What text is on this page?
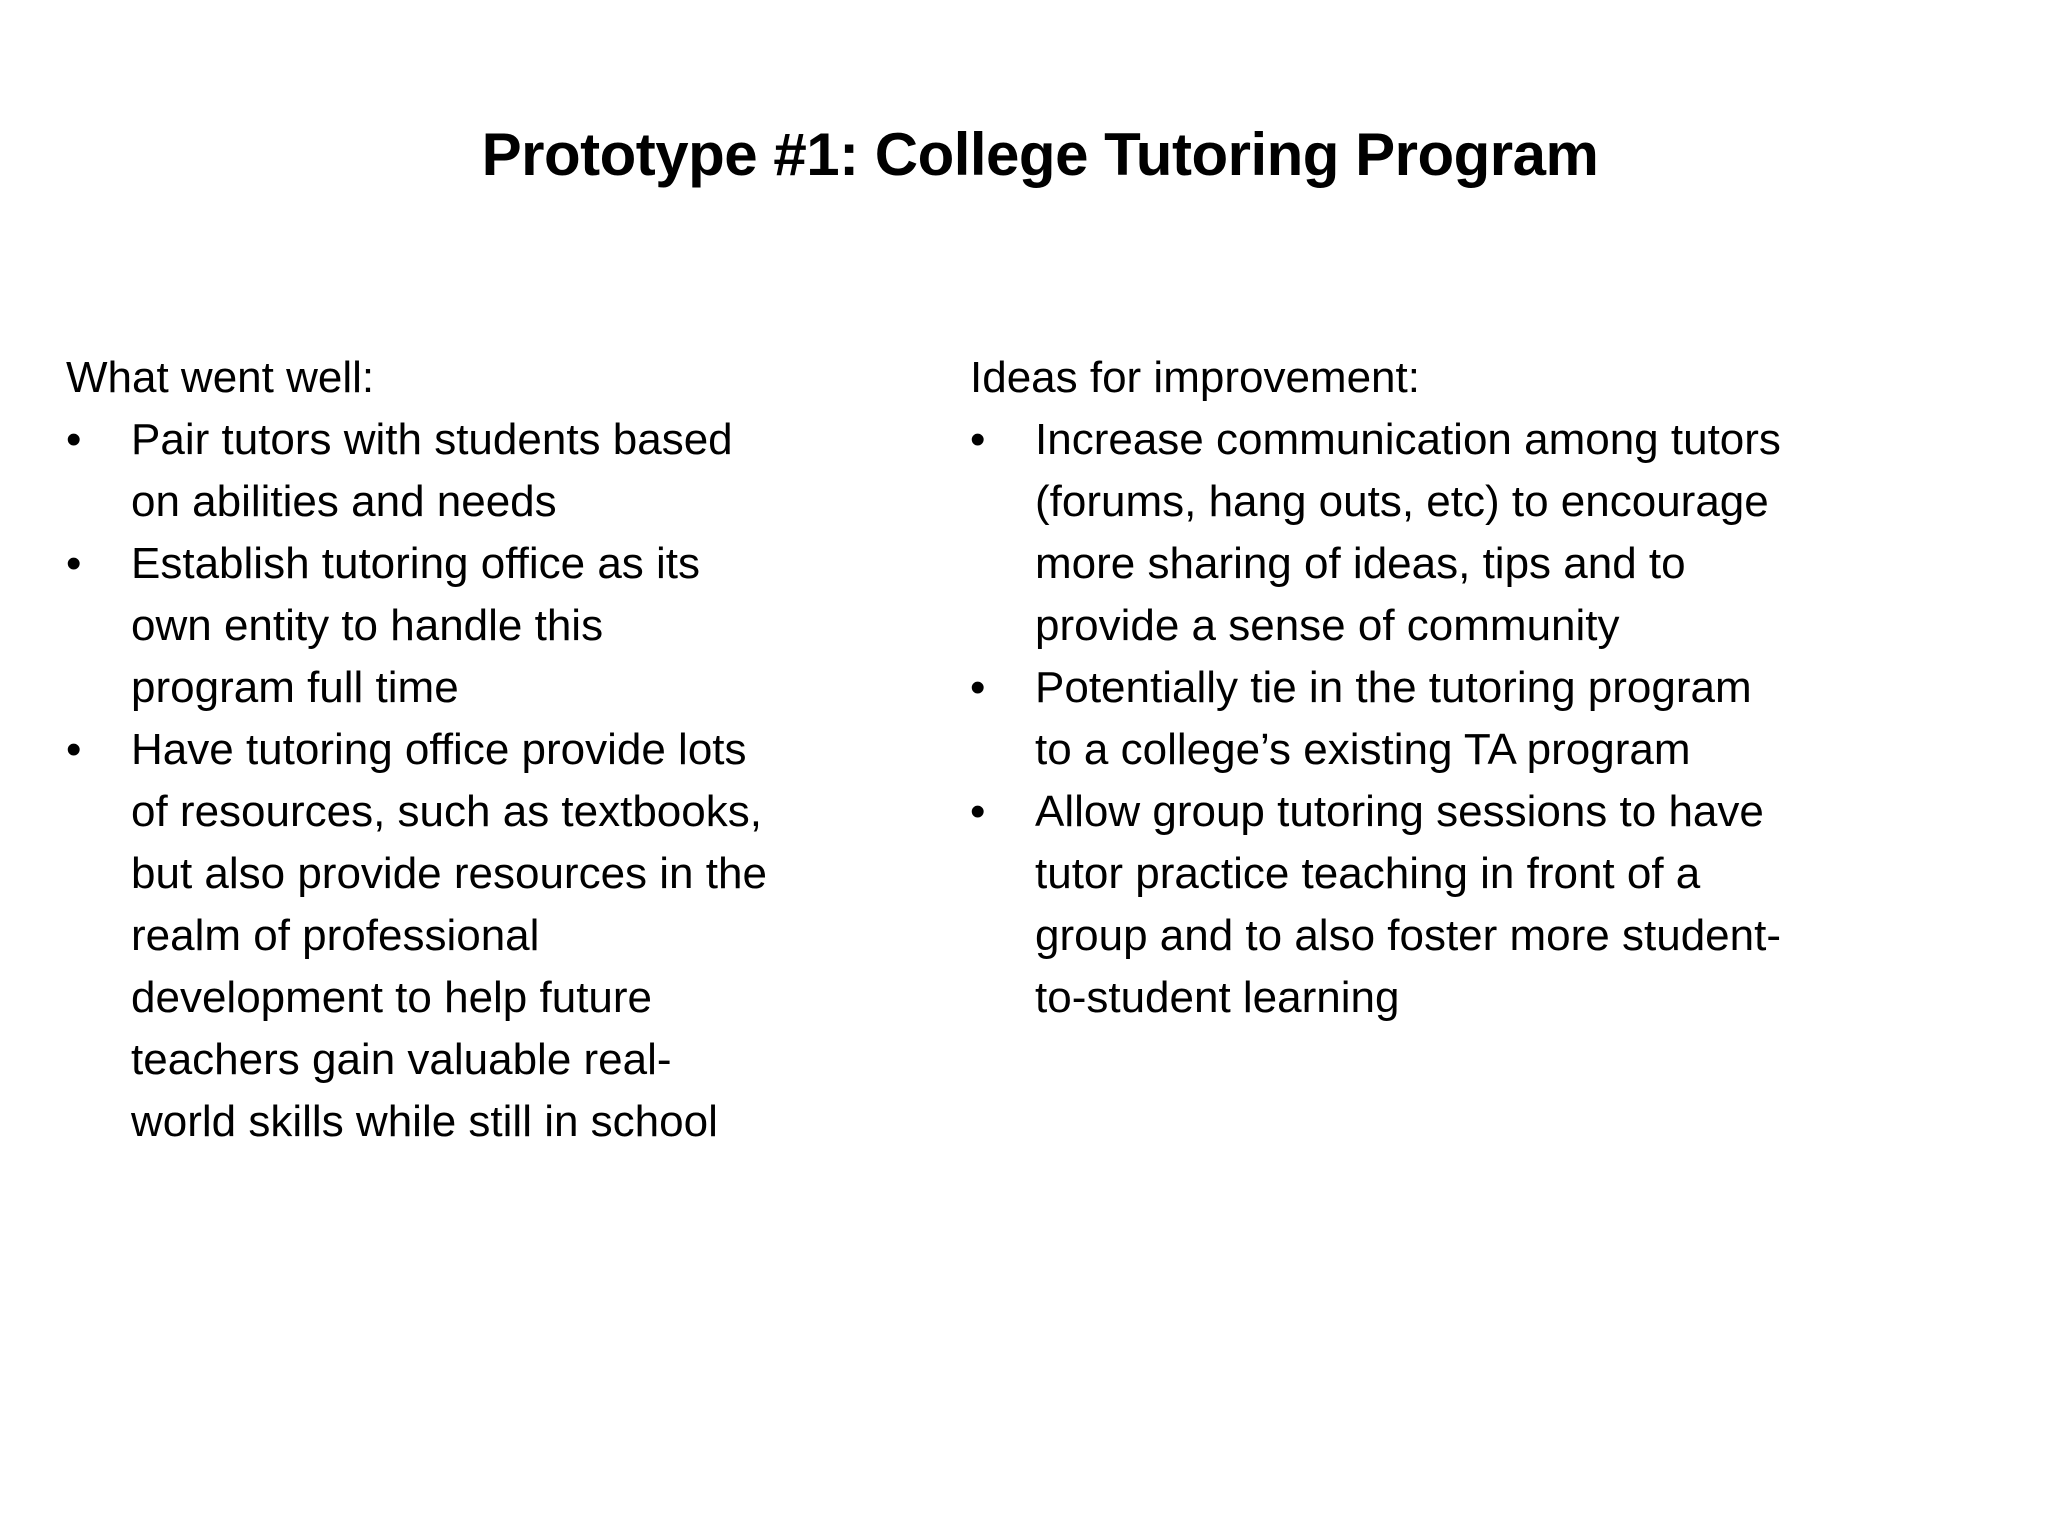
Prototype #1: College Tutoring Program

What went well:

•	Pair tutors with students based
on abilities and needs
•	Establish tutoring office as its
own entity to handle this
program full time
•	Have tutoring office provide lots
of resources, such as textbooks,
but also provide resources in the
realm of professional
development to help future
teachers gain valuable real-
world skills while still in school

Ideas for improvement:

•	Increase communication among tutors
(forums, hang outs, etc) to encourage
more sharing of ideas, tips and to
provide a sense of community
•	Potentially tie in the tutoring program
to a college’s existing TA program
•	Allow group tutoring sessions to have
tutor practice teaching in front of a
group and to also foster more student-
to-student learning
